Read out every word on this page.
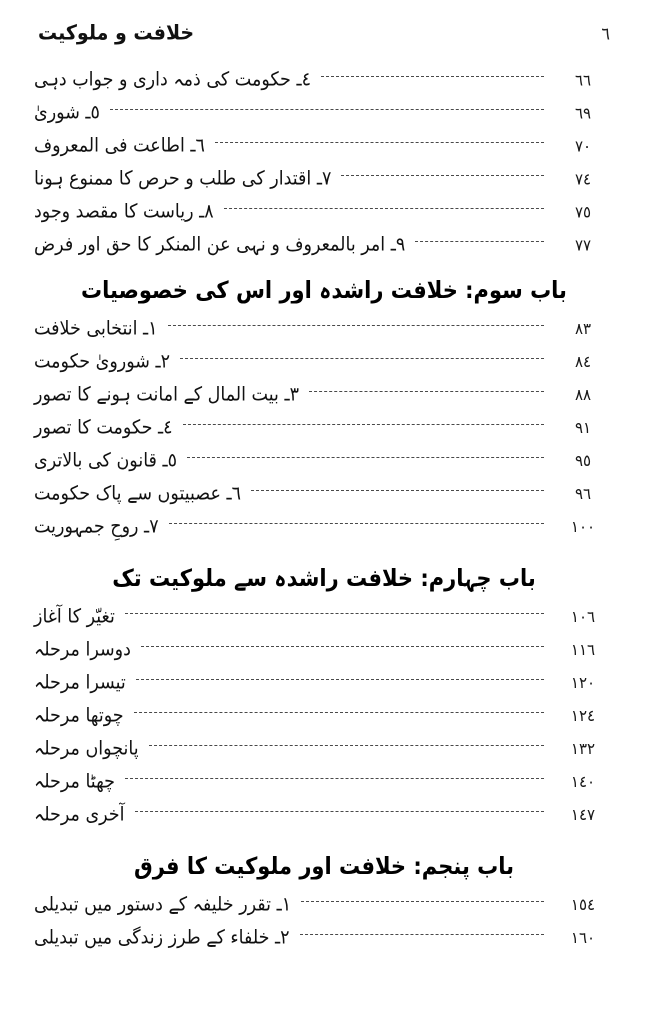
خلافت و ملوکیت	٦
٦٦
٤ـ حکومت کی ذمہ داری و جواب دہی
٦٩
٥ـ شوریٰ
٧٠
٦ـ اطاعت فی المعروف
٧٤
٧ـ اقتدار کی طلب و حرص کا ممنوع ہونا
٧٥
٨ـ ریاست کا مقصد وجود
٧٧
٩ـ امر بالمعروف و نہی عن المنکر کا حق اور فرض
باب سوم: خلافت راشدہ اور اس کی خصوصیات
٨٣
١ـ انتخابی خلافت
٨٤
٢ـ شورویٰ حکومت
٨٨
٣ـ بیت المال کے امانت ہونے کا تصور
٩١
٤ـ حکومت کا تصور
٩٥
٥ـ قانون کی بالاتری
٩٦
٦ـ عصبیتوں سے پاک حکومت
١٠٠
٧ـ روحِ جمہوریت
باب چہارم: خلافت راشدہ سے ملوکیت تک
١٠٦
تغیّر کا آغاز
١١٦
دوسرا مرحلہ
١٢٠
تیسرا مرحلہ
١٢٤
چوتھا مرحلہ
١٣٢
پانچواں مرحلہ
١٤٠
چھٹا مرحلہ
١٤٧
آخری مرحلہ
باب پنجم: خلافت اور ملوکیت کا فرق
١٥٤
١ـ تقرر خلیفہ کے دستور میں تبدیلی
١٦٠
٢ـ خلفاء کے طرز زندگی میں تبدیلی
